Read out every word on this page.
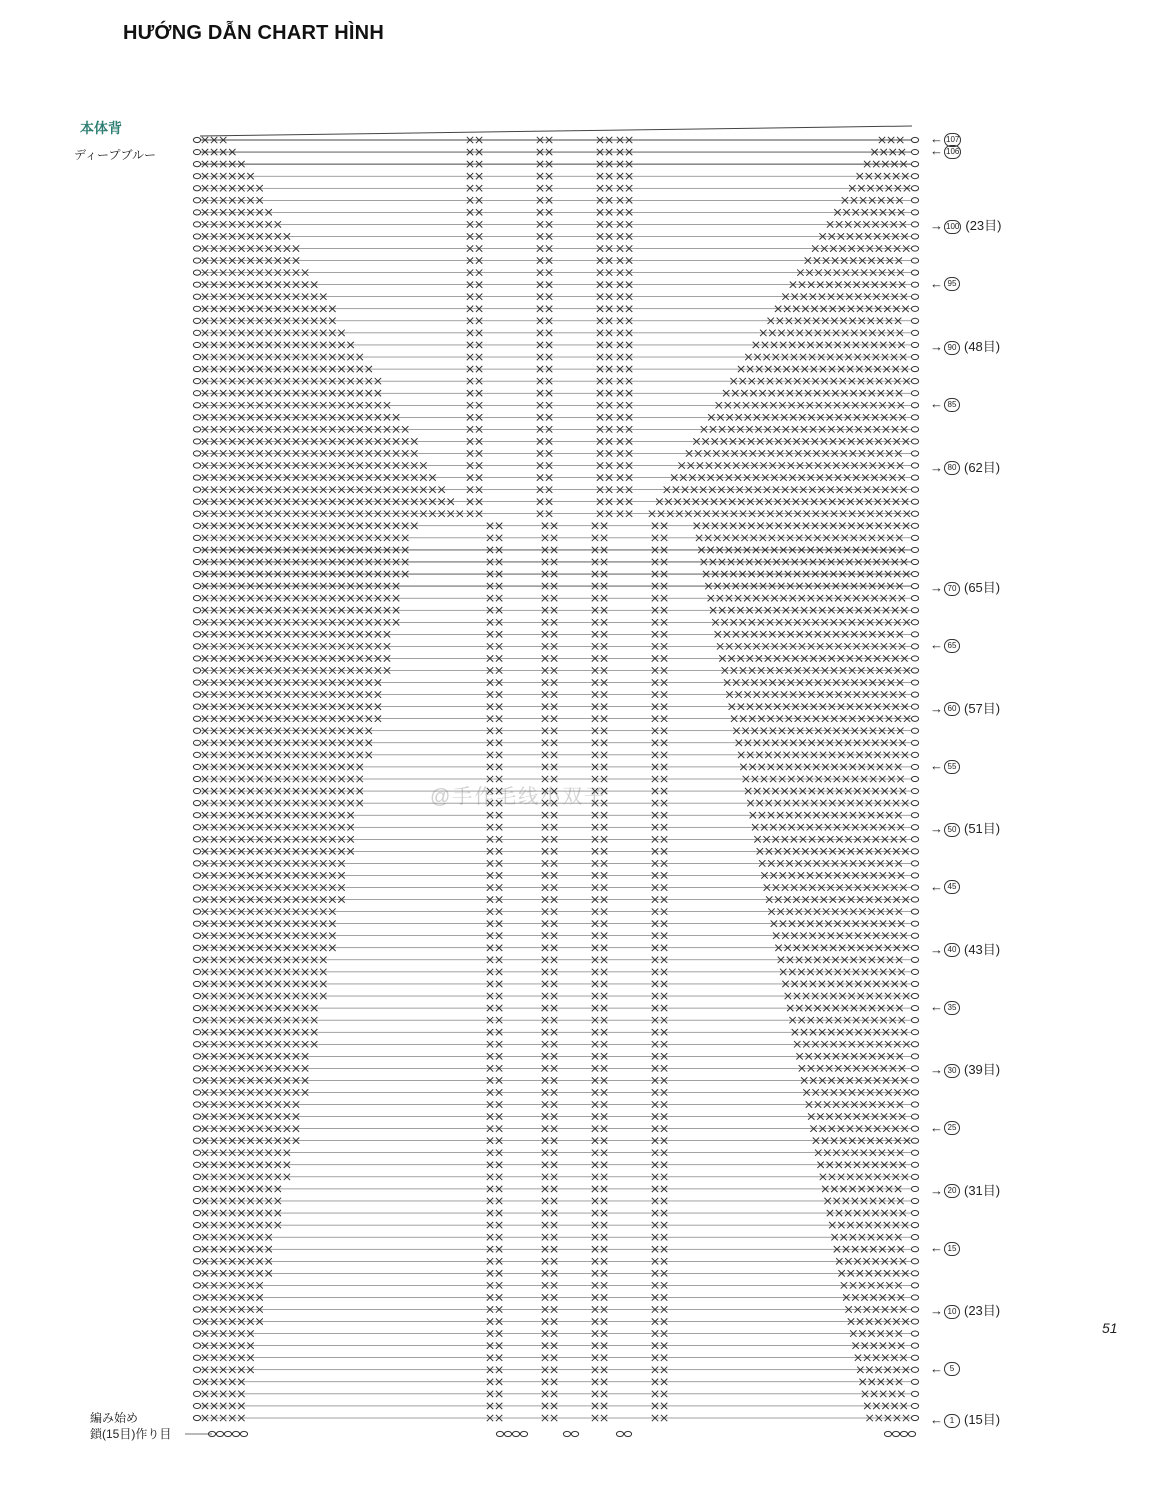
HƯỚNG DẪN CHART HÌNH
本体背
ディープブルー
← 107
← 106
→ 100 (23目)
← 95
→ 90 (48目)
← 85
→ 80 (62目)
→ 70 (65目)
← 65
→ 60 (57目)
← 55
→ 50 (51目)
← 45
→ 40 (43目)
← 35
→ 30 (39目)
← 25
→ 20 (31目)
← 15
→ 10 (23目)
← 5
← 1 (15目)
@手作毛线小双子
編み始め
鎖(15目)作り目
51
